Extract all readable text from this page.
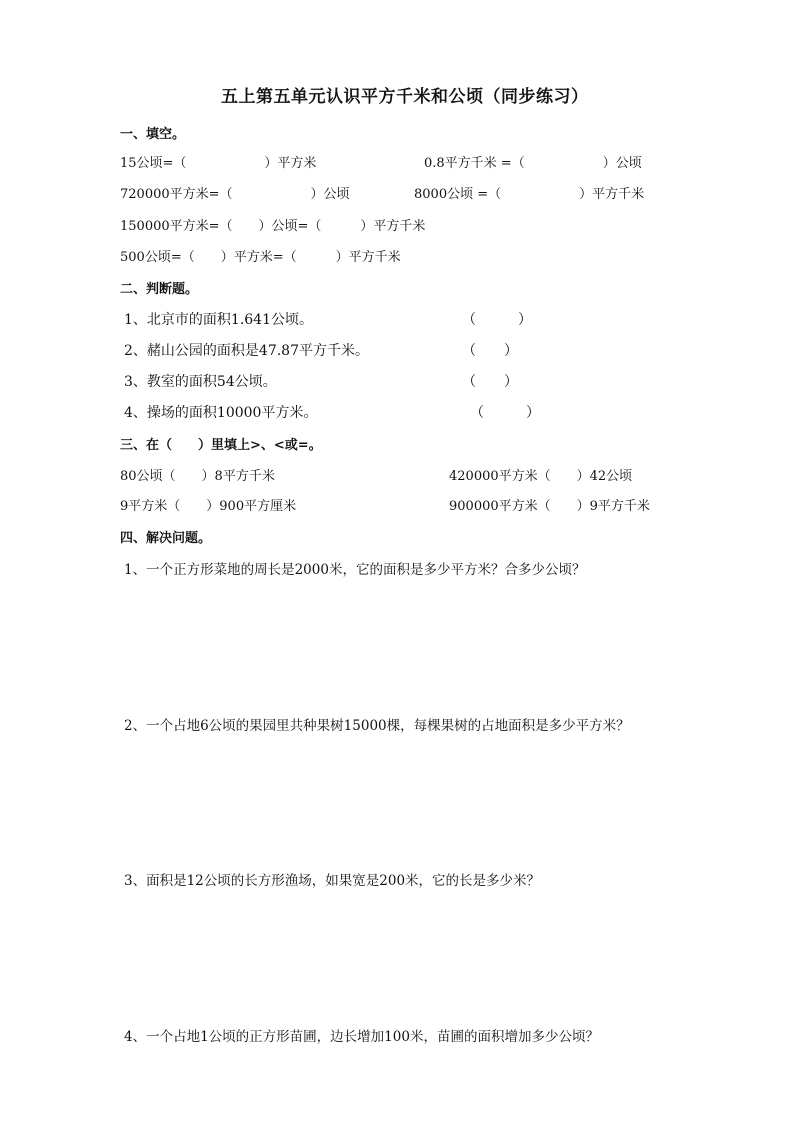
五上第五单元认识平方千米和公顷（同步练习）
一、填空。
15公顷=（　　　　　　）平方米	0.8平方千米 =（　　　　　　）公顷
720000平方米=（　　　　　　）公顷	8000公顷 =（　　　　　　）平方千米
150000平方米=（　　）公顷=（　　　）平方千米
500公顷=（　　）平方米=（　　　）平方千米
二、判断题。
1、北京市的面积1.641公顷。	（　　　）
2、赭山公园的面积是47.87平方千米。	（　　）
3、教室的面积54公顷。	（　　）
4、操场的面积10000平方米。	（　　　）
三、在（　　）里填上>、<或=。
80公顷（　　）8平方千米	420000平方米（　　）42公顷
9平方米（　　）900平方厘米	900000平方米（　　）9平方千米
四、解决问题。
1、一个正方形菜地的周长是2000米，它的面积是多少平方米？合多少公顷？
2、一个占地6公顷的果园里共种果树15000棵，每棵果树的占地面积是多少平方米？
3、面积是12公顷的长方形渔场，如果宽是200米，它的长是多少米？
4、一个占地1公顷的正方形苗圃，边长增加100米，苗圃的面积增加多少公顷？
